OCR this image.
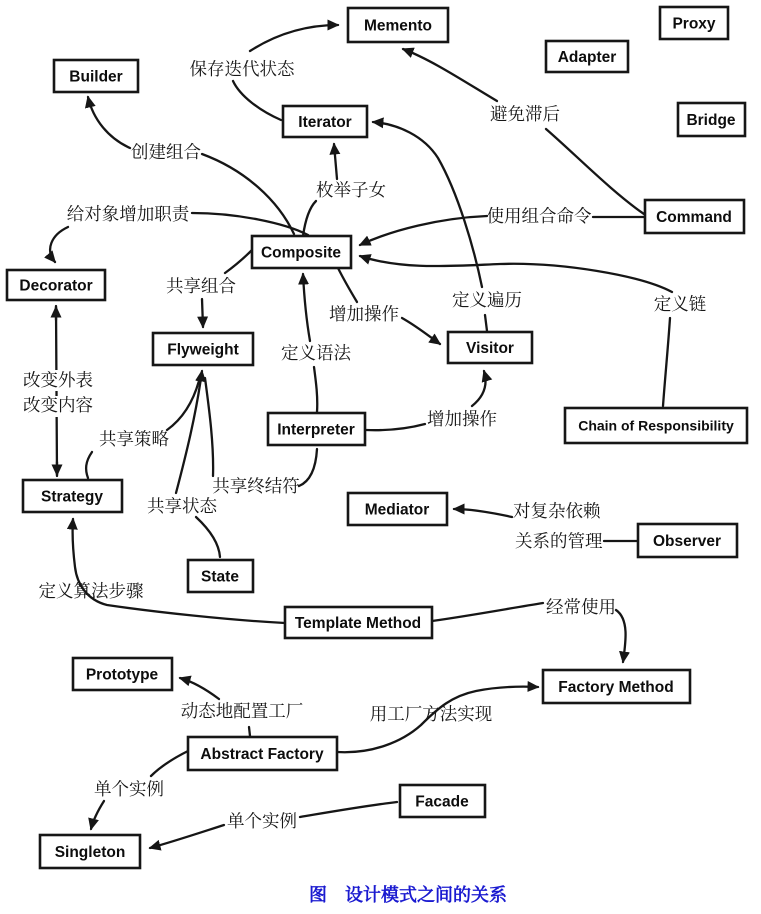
Memento	Proxy
Adapter
Builder
Bridge
Iterator
Command
Composite
Decorator
Flyweight	Visitor
Chain of Responsibility
Interpreter
Mediator
Observer
Strategy
State
Template Method
Factory Method
Prototype
Abstract Factory
Singleton
Facade
保存迭代状态
创建组合
避免滞后
使用组合命令
枚举子女
给对象增加职责
共享组合
增加操作
定义遍历	定义链
定义语法
改变外表
改变内容
共享策略
共享终结符
共享状态
增加操作
对复杂依赖
关系的管理
定义算法步骤
经常使用
动态地配置工厂	用工厂方法实现
单个实例
单个实例
图　设计模式之间的关系
